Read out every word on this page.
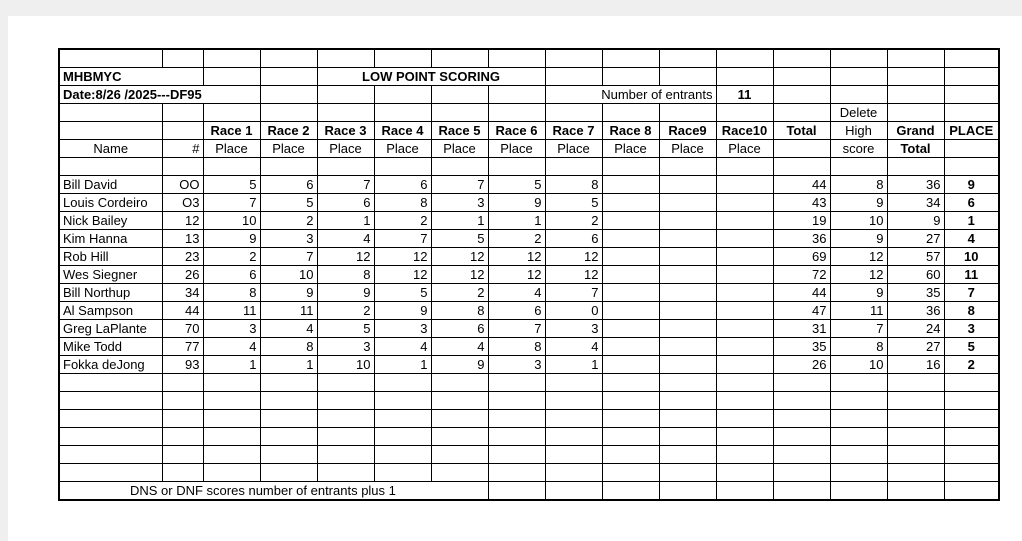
MHBMYC				LOW POINT SCORING											
Date:8/26 /2025---DF95								Number of entrants			11				
													Delete		
		Race 1	Race 2	Race 3	Race 4	Race 5	Race 6	Race 7	Race 8	Race9	Race10	Total	High	Grand	PLACE
Name	#	Place	Place	Place	Place	Place	Place	Place	Place	Place	Place		score	Total	

Bill David	OO	5	6	7	6	7	5	8				44	8	36	9
Louis Cordeiro	O3	7	5	6	8	3	9	5				43	9	34	6
Nick Bailey	12	10	2	1	2	1	1	2				19	10	9	1
Kim Hanna	13	9	3	4	7	5	2	6				36	9	27	4
Rob Hill	23	2	7	12	12	12	12	12				69	12	57	10
Wes Siegner	26	6	10	8	12	12	12	12				72	12	60	11
Bill Northup	34	8	9	9	5	2	4	7				44	9	35	7
Al Sampson	44	11	11	2	9	8	6	0				47	11	36	8
Greg LaPlante	70	3	4	5	3	6	7	3				31	7	24	3
Mike Todd	77	4	8	3	4	4	8	4				35	8	27	5
Fokka deJong	93	1	1	10	1	9	3	1				26	10	16	2

DNS or DNF scores number of entrants plus 1															
